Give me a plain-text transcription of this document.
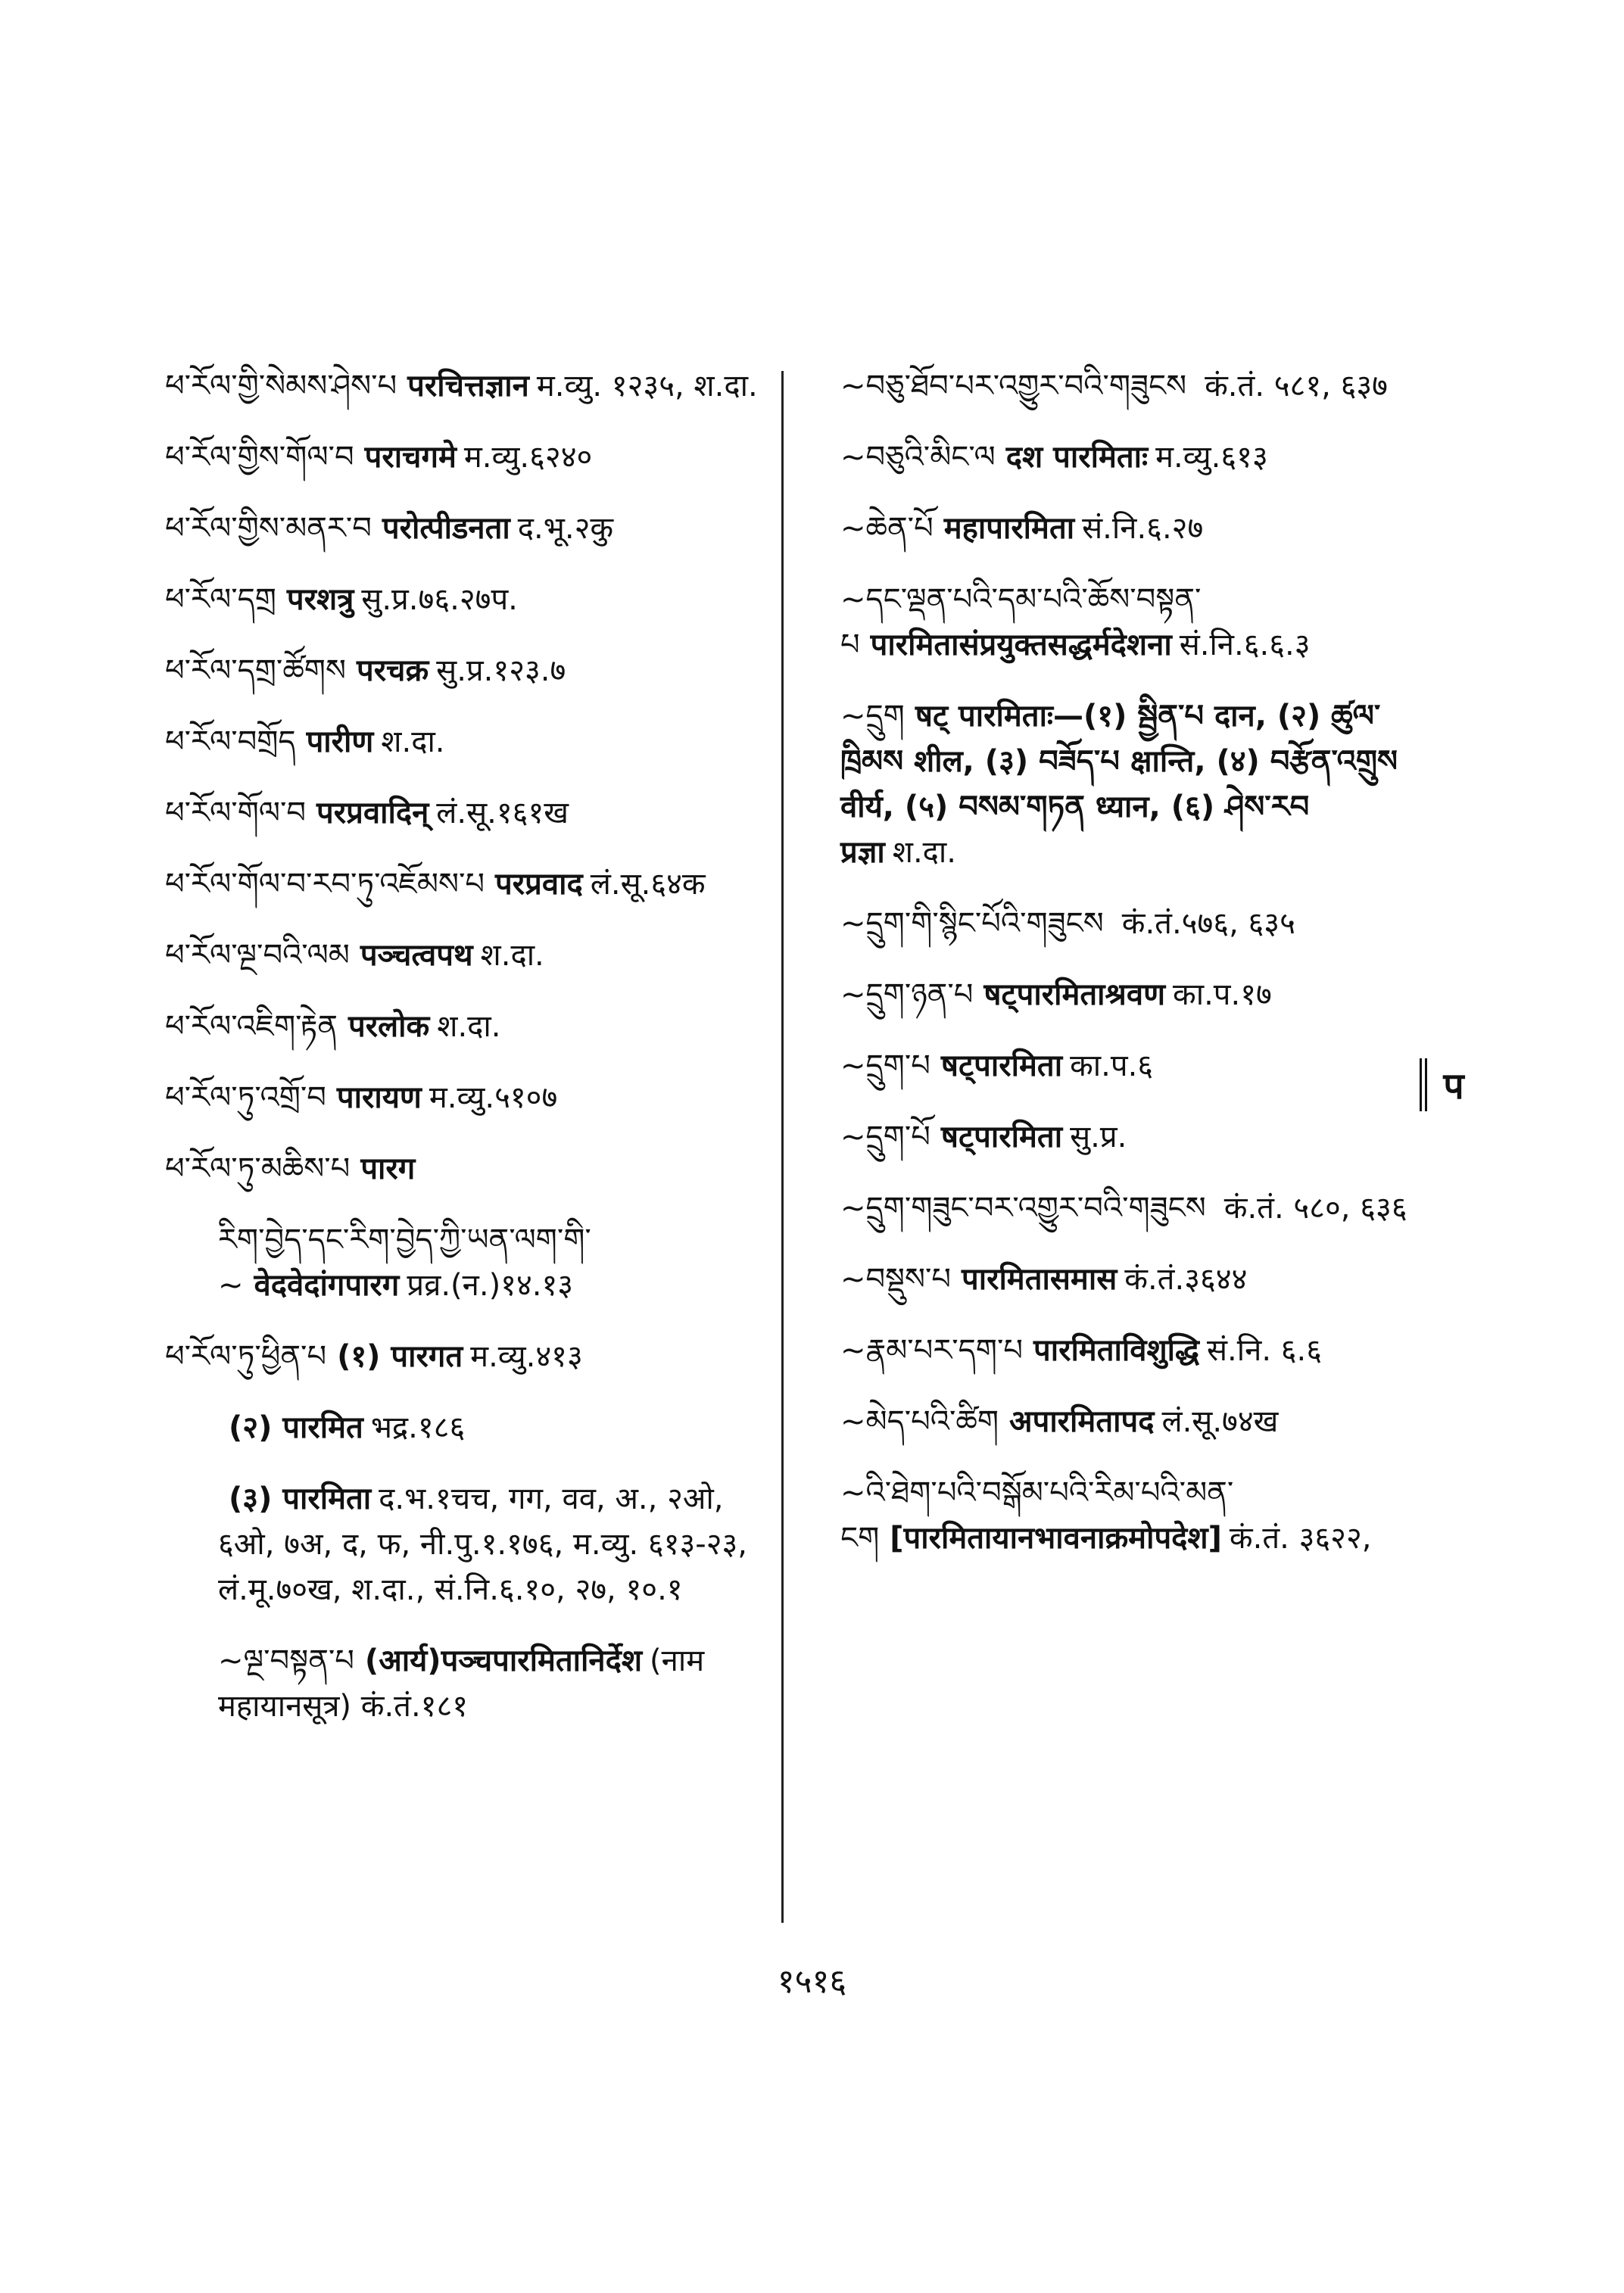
ཕ་རོལ་གྱི་སེམས་ཤེས་པ परचित्तज्ञान म.व्यु. १२३५, श.दा.
ཕ་རོལ་གྱིས་གོལ་བ पराचगमे म.व्यु.६२४०
ཕ་རོལ་གྱིས་མནར་བ परोत्पीडनता द.भू.२कु
ཕ་རོལ་དགྲ परशत्रु सु.प्र.७६.२७प.
ཕ་རོལ་དགྲ་ཚོགས परचक्र सु.प्र.१२३.७
ཕ་རོལ་བགྲོད पारीण श.दा.
ཕ་རོལ་གོལ་བ परप्रवादिन् लं.सू.१६१ख
ཕ་རོལ་གོལ་བ་རབ་ཏུ་འཇོམས་པ परप्रवाद लं.सू.६४क
ཕ་རོལ་ལྔ་བའི་ལམ पञ्चत्वपथ श.दा.
ཕ་རོལ་འཇིག་རྟེན परलोक श.दा.
ཕ་རོལ་ཏུ་འགྲོ་བ पारायण म.व्यु.५१०७
ཕ་རོལ་ཏུ་མཆིས་པ पारग
རིག་བྱེད་དང་རིག་བྱེད་ཀྱི་ཡན་ལག་གི་~ वेदवेदांगपारग प्रव्र.(न.)१४.१३
ཕ་རོལ་ཏུ་ཕྱིན་པ (१) पारगत म.व्यु.४१३
(२) पारमित भद्र.१८६
(३) पारमिता द.भ.१चच, गग, वव, अ., २ओ, ६ओ, ७अ, द, फ, नी.पु.१.१७६, म.व्यु. ६१३-२३, लं.मू.७०ख, श.दा., सं.नि.६.१०, २७, १०.१
~ལྔ་བསྟན་པ (आर्य)पञ्चपारमितानिर्देश (नाम महायानसूत्र) कं.तं.१८१
~བཅུ་ཐོབ་པར་འགྱུར་བའི་གཟུངས कं.तं. ५८१, ६३७
~བཅུའི་མིང་ལ दश पारमिताः म.व्यु.६१३
~ཆེན་པོ महापारमिता सं.नि.६.२७
~དང་ལྡན་པའི་དམ་པའི་ཆོས་བསྟན་པ पारमितासंप्रयुक्तसद्धर्मदेशना सं.नि.६.६.३
~དྲུག षट् पारमिताः—(१) སྦྱིན་པ दान, (२) ཚུལ་ཁྲིམས शील, (३) བཟོད་པ क्षान्ति, (४) བརྩོན་འགྲུས वीर्य, (५) བསམ་གཏན ध्यान, (६) ཤེས་རབ प्रज्ञा श.दा.
~དྲུག་གི་སྙིང་པོའི་གཟུངས कं.तं.५७६, ६३५
~དྲུག་ཉན་པ षट्पारमिताश्रवण का.प.१७
~དྲུག་པ षट्पारमिता का.प.६
~དྲུག་པོ षट्पारमिता सु.प्र.
~དྲུག་གཟུང་བར་འགྱུར་བའི་གཟུངས कं.तं. ५८०, ६३६
~བསྡུས་པ पारमितासमास कं.तं.३६४४
~རྣམ་པར་དག་པ पारमिताविशुद्धि सं.नि. ६.६
~མེད་པའི་ཚིག अपारमितापद लं.सू.७४ख
~འི་ཐེག་པའི་བསྒོམ་པའི་རིམ་པའི་མན་ངག [पारमितायानभावनाक्रमोपदेश] कं.तं. ३६२२,
प
१५१६
